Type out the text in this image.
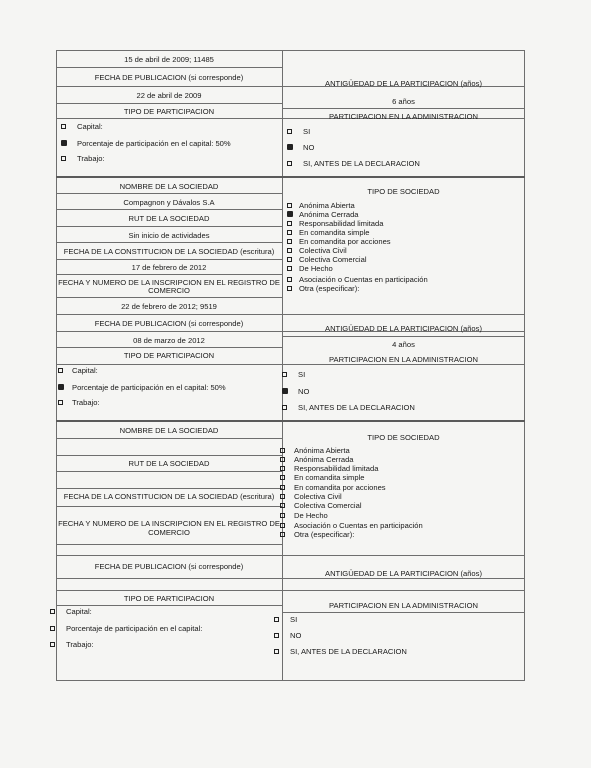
15 de abril de 2009; 11485
FECHA DE PUBLICACION (si corresponde)
ANTIGÜEDAD DE LA PARTICIPACION (años)
22 de abril de 2009
6 años
TIPO DE PARTICIPACION
PARTICIPACION EN LA ADMINISTRACION
Capital:
Porcentaje de participación en el capital: 50%
Trabajo:
SI
NO
SI, ANTES DE LA DECLARACION
NOMBRE DE LA SOCIEDAD
TIPO DE SOCIEDAD
Compagnon y Dávalos S.A
RUT DE LA SOCIEDAD
Sin inicio de actividades
FECHA DE LA CONSTITUCION DE LA SOCIEDAD (escritura)
17 de febrero de 2012
FECHA Y NUMERO DE LA INSCRIPCION EN EL REGISTRO DE
COMERCIO
22 de febrero de 2012; 9519
FECHA DE PUBLICACION (si corresponde)
ANTIGÜEDAD DE LA PARTICIPACION (años)
08 de marzo de 2012	4 años
TIPO DE PARTICIPACION	PARTICIPACION EN LA ADMINISTRACION
Anónima Abierta
Anónima Cerrada
Responsabilidad limitada
En comandita simple
En comandita por acciones
Colectiva Civil
Colectiva Comercial
De Hecho
Asociación o Cuentas en participación
Otra (especificar):
Capital:
Porcentaje de participación en el capital: 50%
Trabajo:
SI
NO
SI, ANTES DE LA DECLARACION
NOMBRE DE LA SOCIEDAD
TIPO DE SOCIEDAD
RUT DE LA SOCIEDAD
FECHA DE LA CONSTITUCION DE LA SOCIEDAD (escritura)
FECHA Y NUMERO DE LA INSCRIPCION EN EL REGISTRO DE
COMERCIO
FECHA DE PUBLICACION (si corresponde)
ANTIGÜEDAD DE LA PARTICIPACION (años)
TIPO DE PARTICIPACION
PARTICIPACION EN LA ADMINISTRACION
Anónima Abierta
Anónima Cerrada
Responsabilidad limitada
En comandita simple
En comandita por acciones
Colectiva Civil
Colectiva Comercial
De Hecho
Asociación o Cuentas en participación
Otra (especificar):
Capital:
Porcentaje de participación en el capital:
Trabajo:
SI
NO
SI, ANTES DE LA DECLARACION
